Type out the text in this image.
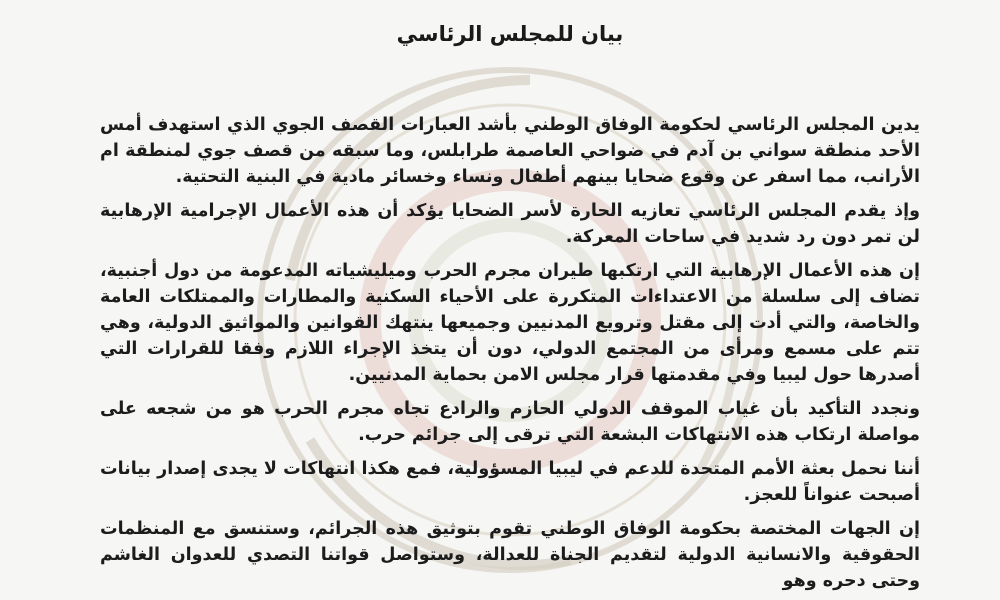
بيان للمجلس الرئاسي

يدين المجلس الرئاسي لحكومة الوفاق الوطني بأشد العبارات القصف الجوي الذي استهدف أمس الأحد منطقة سواني بن آدم في ضواحي العاصمة طرابلس، وما سبقه من قصف جوي لمنطقة ام الأرانب، مما اسفر عن وقوع ضحايا بينهم أطفال ونساء وخسائر مادية في البنية التحتية.

وإذ يقدم المجلس الرئاسي تعازيه الحارة لأسر الضحايا يؤكد أن هذه الأعمال الإجرامية الإرهابية لن تمر دون رد شديد في ساحات المعركة.

إن هذه الأعمال الإرهابية التي ارتكبها طيران مجرم الحرب وميليشياته المدعومة من دول أجنبية، تضاف إلى سلسلة من الاعتداءات المتكررة على الأحياء السكنية والمطارات والممتلكات العامة والخاصة، والتي أدت إلى مقتل وترويع المدنيين وجميعها ينتهك القوانين والمواثيق الدولية، وهي تتم على مسمع ومرأى من المجتمع الدولي، دون أن يتخذ الإجراء اللازم وفقا للقرارات التي أصدرها حول ليبيا وفي مقدمتها قرار مجلس الامن بحماية المدنيين.

ونجدد التأكيد بأن غياب الموقف الدولي الحازم والرادع تجاه مجرم الحرب هو من شجعه على مواصلة ارتكاب هذه الانتهاكات البشعة التي ترقى إلى جرائم حرب.

أننا نحمل بعثة الأمم المتحدة للدعم في ليبيا المسؤولية، فمع هكذا انتهاكات لا يجدى إصدار بيانات أصبحت عنواناً للعجز.

إن الجهات المختصة بحكومة الوفاق الوطني تقوم بتوثيق هذه الجرائم، وستنسق مع المنظمات الحقوقية والانسانية الدولية لتقديم الجناة للعدالة، وستواصل قواتنا التصدي للعدوان الغاشم وحتى دحره وهو
